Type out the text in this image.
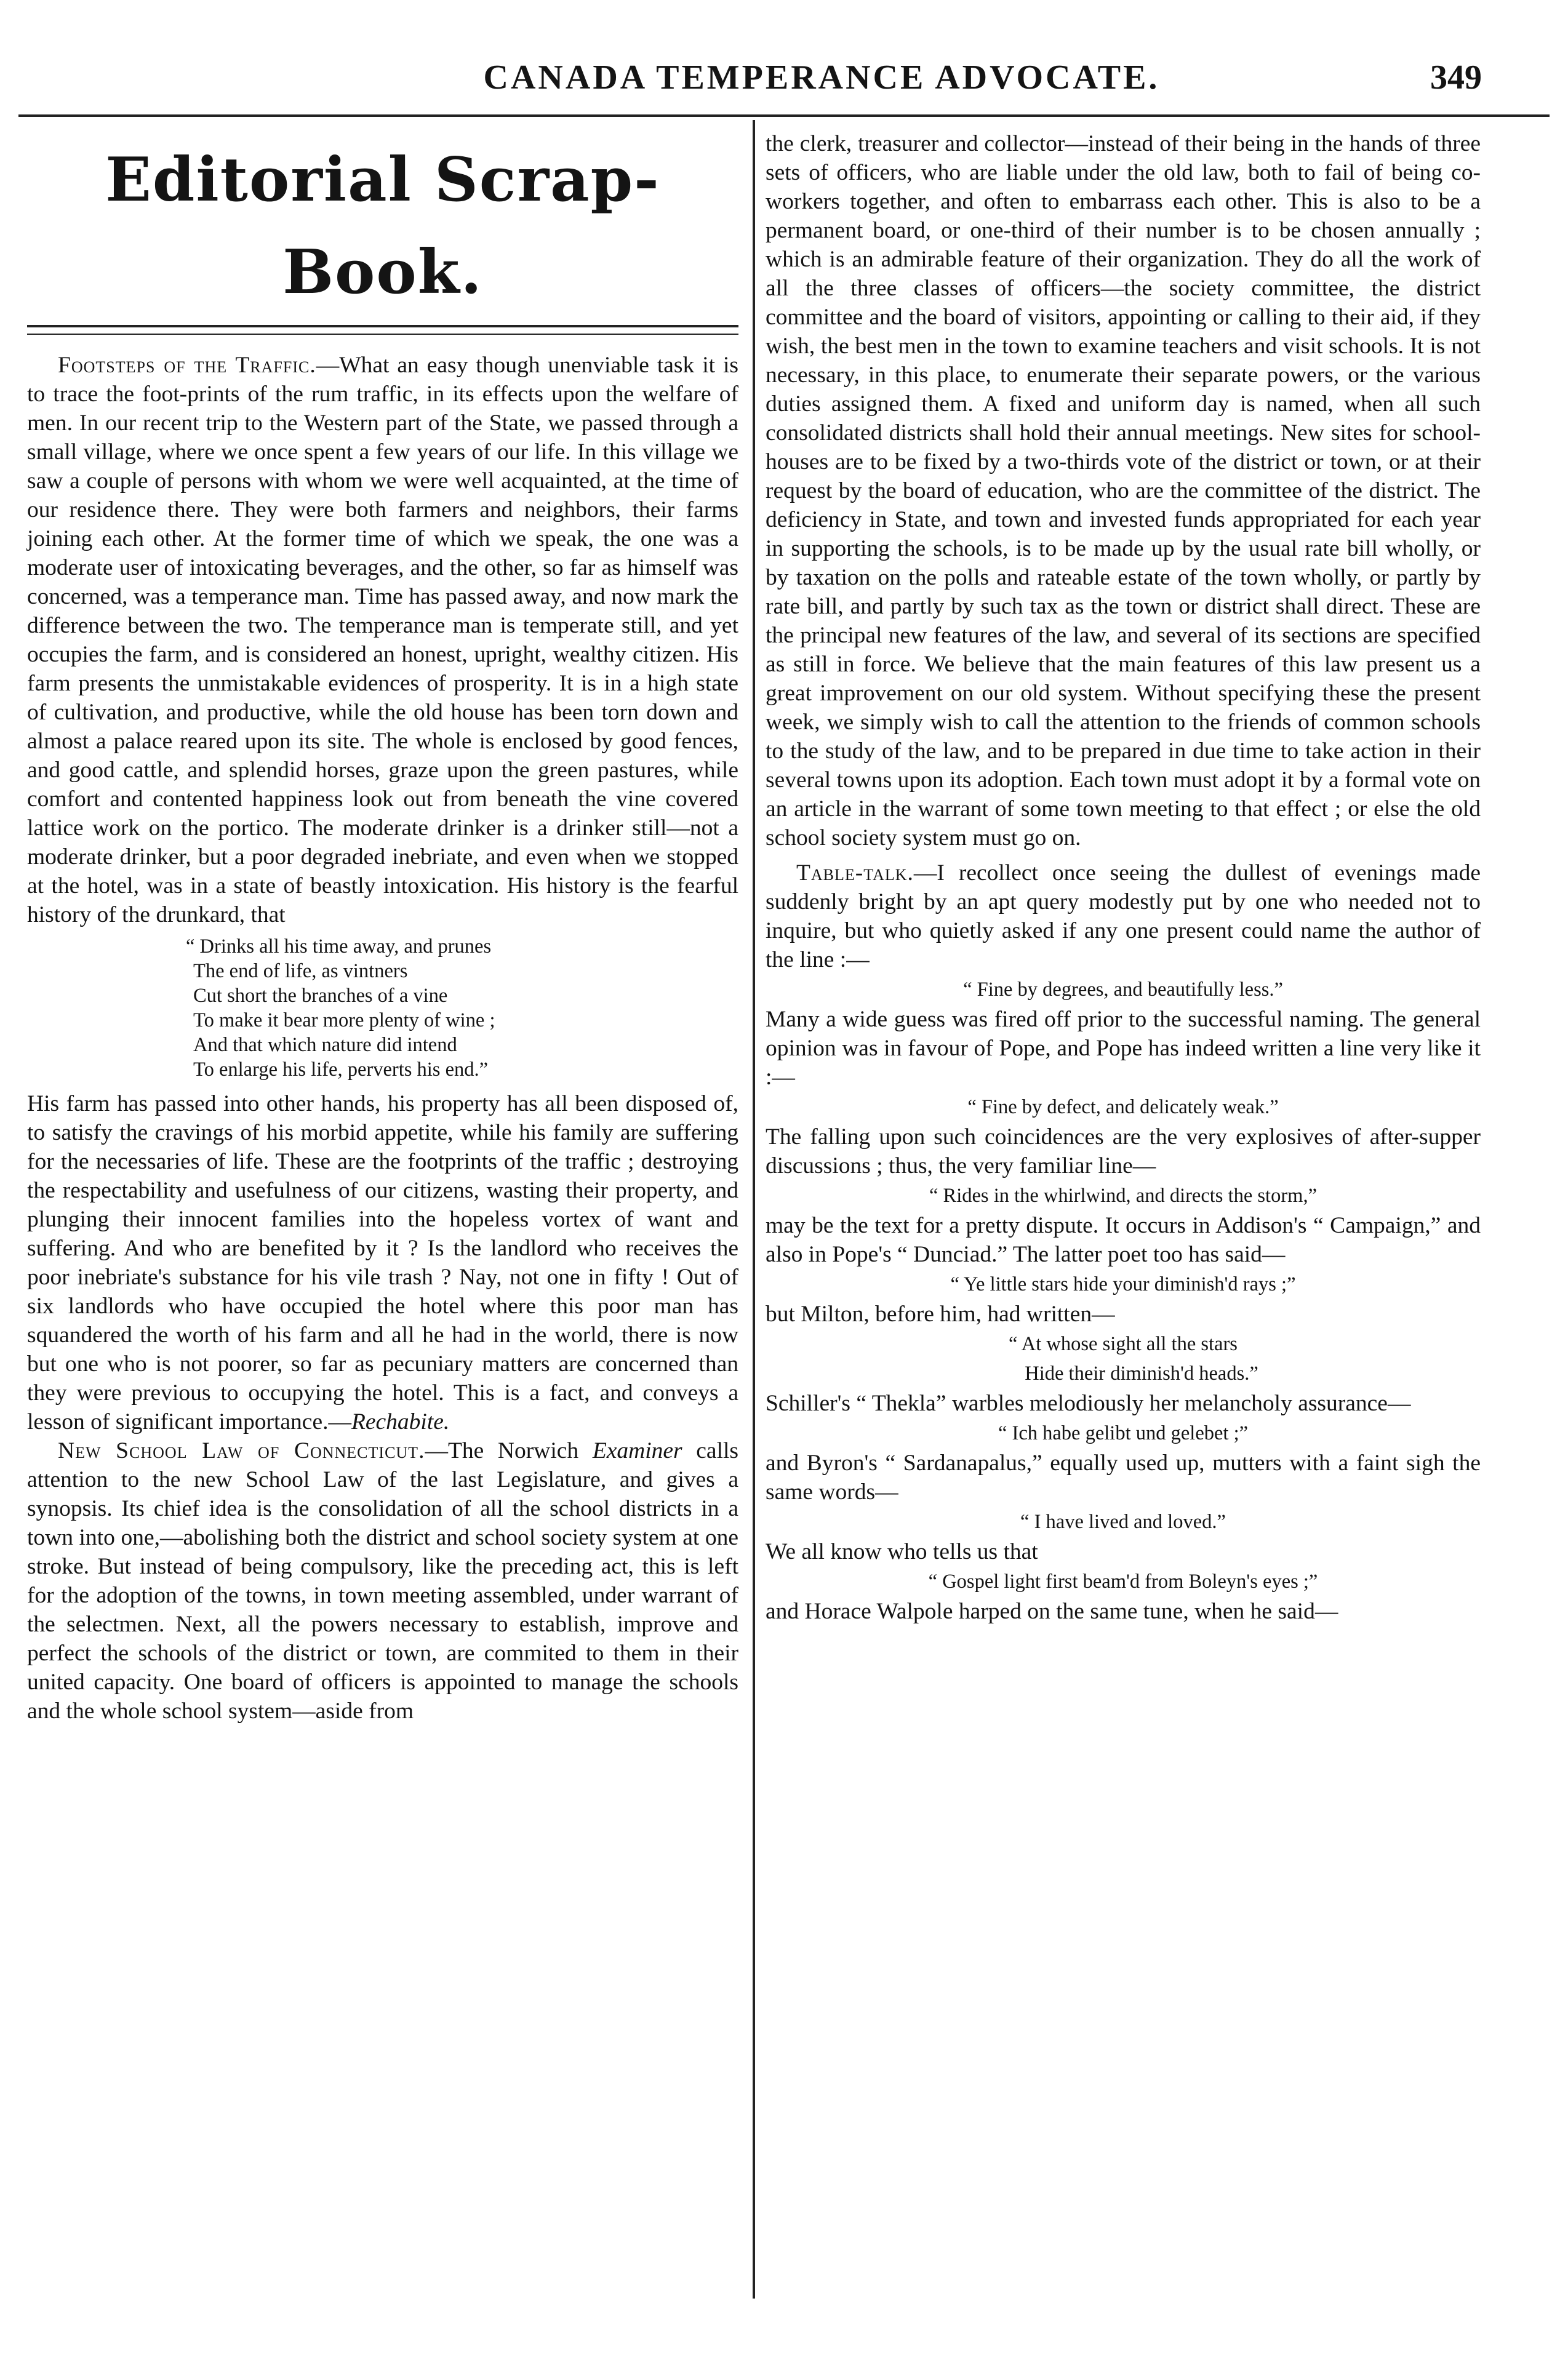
CANADA TEMPERANCE ADVOCATE.	349
Editorial Scrap-Book.

Footsteps of the Traffic.—What an easy though unenviable task it is to trace the foot-prints of the rum traffic, in its effects upon the welfare of men. In our recent trip to the Western part of the State, we passed through a small village, where we once spent a few years of our life. In this village we saw a couple of persons with whom we were well acquainted, at the time of our residence there. They were both farmers and neighbors, their farms joining each other. At the former time of which we speak, the one was a moderate user of intoxicating beverages, and the other, so far as himself was concerned, was a temperance man. Time has passed away, and now mark the difference between the two. The temperance man is temperate still, and yet occupies the farm, and is considered an honest, upright, wealthy citizen. His farm presents the unmistakable evidences of prosperity. It is in a high state of cultivation, and productive, while the old house has been torn down and almost a palace reared upon its site. The whole is enclosed by good fences, and good cattle, and splendid horses, graze upon the green pastures, while comfort and contented happiness look out from beneath the vine covered lattice work on the portico. The moderate drinker is a drinker still—not a moderate drinker, but a poor degraded inebriate, and even when we stopped at the hotel, was in a state of beastly intoxication. His history is the fearful history of the drunkard, that

“ Drinks all his time away, and prunes
The end of life, as vintners
Cut short the branches of a vine
To make it bear more plenty of wine ;
And that which nature did intend
To enlarge his life, perverts his end.”

His farm has passed into other hands, his property has all been disposed of, to satisfy the cravings of his morbid appetite, while his family are suffering for the necessaries of life. These are the footprints of the traffic ; destroying the respectability and usefulness of our citizens, wasting their property, and plunging their innocent families into the hopeless vortex of want and suffering. And who are benefited by it ? Is the landlord who receives the poor inebriate's substance for his vile trash ? Nay, not one in fifty ! Out of six landlords who have occupied the hotel where this poor man has squandered the worth of his farm and all he had in the world, there is now but one who is not poorer, so far as pecuniary matters are concerned than they were previous to occupying the hotel. This is a fact, and conveys a lesson of significant importance.—Rechabite.

New School Law of Connecticut.—The Norwich Examiner calls attention to the new School Law of the last Legislature, and gives a synopsis. Its chief idea is the consolidation of all the school districts in a town into one,—abolishing both the district and school society system at one stroke. But instead of being compulsory, like the preceding act, this is left for the adoption of the towns, in town meeting assembled, under warrant of the selectmen. Next, all the powers necessary to establish, improve and perfect the schools of the district or town, are commited to them in their united capacity. One board of officers is appointed to manage the schools and the whole school system—aside from

the clerk, treasurer and collector—instead of their being in the hands of three sets of officers, who are liable under the old law, both to fail of being co-workers together, and often to embarrass each other. This is also to be a permanent board, or one-third of their number is to be chosen annually ; which is an admirable feature of their organization. They do all the work of all the three classes of officers—the society committee, the district committee and the board of visitors, appointing or calling to their aid, if they wish, the best men in the town to examine teachers and visit schools. It is not necessary, in this place, to enumerate their separate powers, or the various duties assigned them. A fixed and uniform day is named, when all such consolidated districts shall hold their annual meetings. New sites for school-houses are to be fixed by a two-thirds vote of the district or town, or at their request by the board of education, who are the committee of the district. The deficiency in State, and town and invested funds appropriated for each year in supporting the schools, is to be made up by the usual rate bill wholly, or by taxation on the polls and rateable estate of the town wholly, or partly by rate bill, and partly by such tax as the town or district shall direct. These are the principal new features of the law, and several of its sections are specified as still in force. We believe that the main features of this law present us a great improvement on our old system. Without specifying these the present week, we simply wish to call the attention to the friends of common schools to the study of the law, and to be prepared in due time to take action in their several towns upon its adoption. Each town must adopt it by a formal vote on an article in the warrant of some town meeting to that effect ; or else the old school society system must go on.

Table-talk.—I recollect once seeing the dullest of evenings made suddenly bright by an apt query modestly put by one who needed not to inquire, but who quietly asked if any one present could name the author of the line :—

“ Fine by degrees, and beautifully less.”

Many a wide guess was fired off prior to the successful naming. The general opinion was in favour of Pope, and Pope has indeed written a line very like it :—

“ Fine by defect, and delicately weak.”

The falling upon such coincidences are the very explosives of after-supper discussions ; thus, the very familiar line—

“ Rides in the whirlwind, and directs the storm,”

may be the text for a pretty dispute. It occurs in Addison's “ Campaign,” and also in Pope's “ Dunciad.” The latter poet too has said—

“ Ye little stars hide your diminish'd rays ;”

but Milton, before him, had written—

“ At whose sight all the stars
Hide their diminish'd heads.”

Schiller's “ Thekla” warbles melodiously her melancholy assurance—

“ Ich habe gelibt und gelebet ;”

and Byron's “ Sardanapalus,” equally used up, mutters with a faint sigh the same words—

“ I have lived and loved.”

We all know who tells us that

“ Gospel light first beam'd from Boleyn's eyes ;”

and Horace Walpole harped on the same tune, when he said—
